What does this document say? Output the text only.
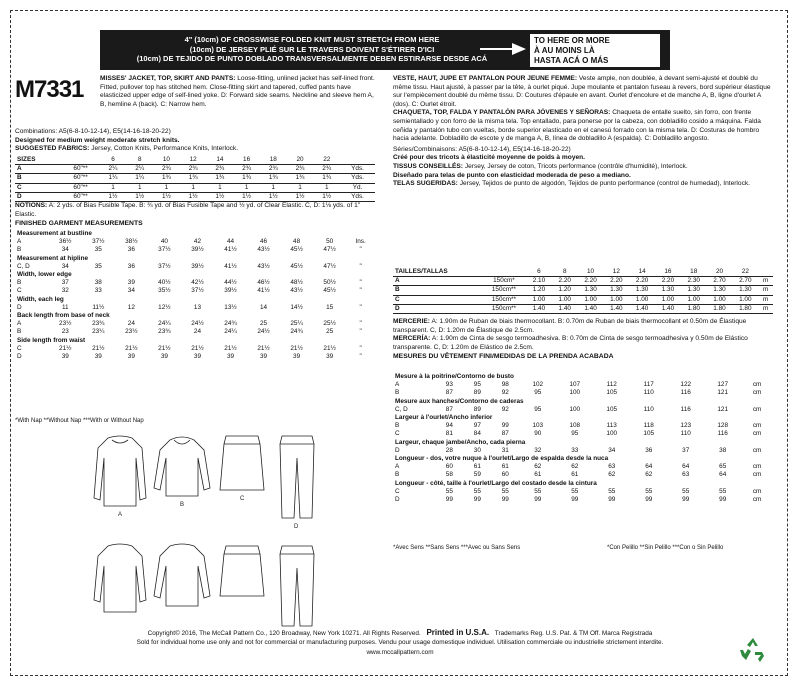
4" (10cm) OF CROSSWISE FOLDED KNIT MUST STRETCH FROM HERE
(10cm) DE JERSEY PLIÉ SUR LE TRAVERS DOIVENT S'ÉTIRER D'ICI
(10cm) DE TEJIDO DE PUNTO DOBLADO TRANSVERSALMENTE DEBEN ESTIRARSE DESDE ACÁ
TO HERE OR MORE
À AU MOINS LÀ
HASTA ACÁ O MÁS
M7331	MISSES' JACKET, TOP, SKIRT AND PANTS: Loose-fitting, unlined jacket has self-lined front. Fitted, pullover top has stitched hem. Close-fitting skirt and tapered, cuffed pants have elasticized upper edge of self-lined yoke. D: Forward side seams. Neckline and sleeve hem A, B, hemline A (back). C: Narrow hem.

Combinations: A5(6-8-10-12-14), E5(14-16-18-20-22)

Designed for medium weight moderate stretch knits.

SUGGESTED FABRICS: Jersey, Cotton Knits, Performance Knits, Interlock.

SIZES		6	8	10	12	14	16	18	20	22	
A	60"**	2¼	2¼	2¾	2¾	2¾	2¾	2¾	2¾	2¾	Yds.
B	60"**	1¼	1¼	1¾	1¾	1¾	1¾	1¾	1¾	1¾	Yds.
C	60"**	1	1	1	1	1	1	1	1	1	Yd.
D	60"**	1½	1½	1½	1½	1½	1½	1½	1½	1½	Yds.

NOTIONS: A: 2 yds. of Bias Fusible Tape. B: ¾ yd. of Bias Fusible Tape and ½ yd. of Clear Elastic. C, D: 1⅛ yds. of 1" Elastic.

FINISHED GARMENT MEASUREMENTS

Measurement at bustline										
A	36½	37½	38½	40	42	44	46	48	50	Ins.
B	34	35	36	37½	39½	41½	43½	45½	47½	"
Measurement at hipline										
C, D	34	35	36	37½	39½	41½	43½	45½	47½	"
Width, lower edge										
B	37	38	39	40½	42½	44½	46½	48½	50½	"
C	32	33	34	35½	37½	39½	41½	43½	45½	"
Width, each leg										
D	11	11½	12	12½	13	13½	14	14½	15	"
Back length from base of neck										
A	23½	23¾	24	24¼	24½	24¾	25	25¼	25½	"
B	23	23¼	23½	23¾	24	24¼	24½	24¾	25	"
Side length from waist										
C	21½	21½	21½	21½	21½	21½	21½	21½	21½	"
D	39	39	39	39	39	39	39	39	39	"
*With Nap **Without Nap ***With or Without Nap
A
B
C
D

VESTE, HAUT, JUPE ET PANTALON POUR JEUNE FEMME: Veste ample, non doublée, à devant semi-ajusté et doublé du même tissu. Haut ajusté, à passer par la tête, à ourlet piqué. Jupe moulante et pantalon fuseau à revers, bord supérieur élastique sur l'empiècement doublé du même tissu. D: Coutures d'épaule en avant. Ourlet d'encolure et de manche A, B, ligne d'ourlet A (dos). C: Ourlet étroit.

CHAQUETA, TOP, FALDA Y PANTALÓN PARA JÓVENES Y SEÑORAS: Chaqueta de entalle suelto, sin forro, con frente semientallado y con forro de la misma tela. Top entallado, para ponerse por la cabeza, con dobladillo cosido a máquina. Falda ceñida y pantalón tubo con vueltas, borde superior elasticado en el canesú forrado con la misma tela. D: Costuras de hombro hacia adelante. Dobladillo de escote y de manga A, B, línea de dobladillo A (espalda). C: Dobladillo angosto.

Séries/Combinaisons: A5(6-8-10-12-14), E5(14-16-18-20-22)

Créé pour des tricots à élasticité moyenne de poids à moyen.

TISSUS CONSEILLÉS: Jersey, Jersey de coton, Tricots performance (contrôle d'humidité), Interlock.

Diseñado para telas de punto con elasticidad moderada de peso a mediano.

TELAS SUGERIDAS: Jersey, Tejidos de punto de algodón, Tejidos de punto performance (control de humedad), Interlock.

TAILLES/TALLAS		6	8	10	12	14	16	18	20	22	
A	150cm*	2.10	2.20	2.20	2.20	2.20	2.20	2.30	2.70	2.70	m
B	150cm**	1.20	1.20	1.30	1.30	1.30	1.30	1.30	1.30	1.30	m
C	150cm**	1.00	1.00	1.00	1.00	1.00	1.00	1.00	1.00	1.00	m
D	150cm**	1.40	1.40	1.40	1.40	1.40	1.40	1.80	1.80	1.80	m

MERCERIE: A: 1.90m de Ruban de biais thermocollant. B: 0.70m de Ruban de biais thermocollant et 0.50m de Élastique transparent. C, D: 1.20m de Élastique de 2.5cm.

MERCERÍA: A: 1.90m de Cinta de sesgo termoadhesiva. B: 0.70m de Cinta de sesgo termoadhesiva y 0.50m de Elástico transparente. C, D: 1.20m de Elástico de 2.5cm.

MESURES DU VÊTEMENT FINI/MEDIDAS DE LA PRENDA ACABADA

Mesure à la poitrine/Contorno de busto										
A	93	95	98	102	107	112	117	122	127	cm
B	87	89	92	95	100	105	110	116	121	cm
Mesure aux hanches/Contorno de caderas										
C, D	87	89	92	95	100	105	110	116	121	cm
Largeur à l'ourlet/Ancho inferior										
B	94	97	99	103	108	113	118	123	128	cm
C	81	84	87	90	95	100	105	110	116	cm
Largeur, chaque jambe/Ancho, cada pierna										
D	28	30	31	32	33	34	36	37	38	cm
Longueur - dos, votre nuque à l'ourlet/Largo de espalda desde la nuca										
A	60	61	61	62	62	63	64	64	65	cm
B	58	59	60	61	61	62	62	63	64	cm
Longueur - côté, taille à l'ourlet/Largo del costado desde la cintura										
C	55	55	55	55	55	55	55	55	55	cm
D	99	99	99	99	99	99	99	99	99	cm
*Avec Sens **Sans Sens ***Avec ou Sans Sens	*Con Pelillo **Sin Pelillo ***Con o Sin Pelillo
Copyright© 2016, The McCall Pattern Co., 120 Broadway, New York 10271. All Rights Reserved. Printed in U.S.A. Trademarks Reg. U.S. Pat. & TM Off. Marca Registrada
Sold for individual home use only and not for commercial or manufacturing purposes. Vendu pour usage domestique individuel. Utilisation commerciale ou industrielle strictement interdite.
www.mccallpattern.com
